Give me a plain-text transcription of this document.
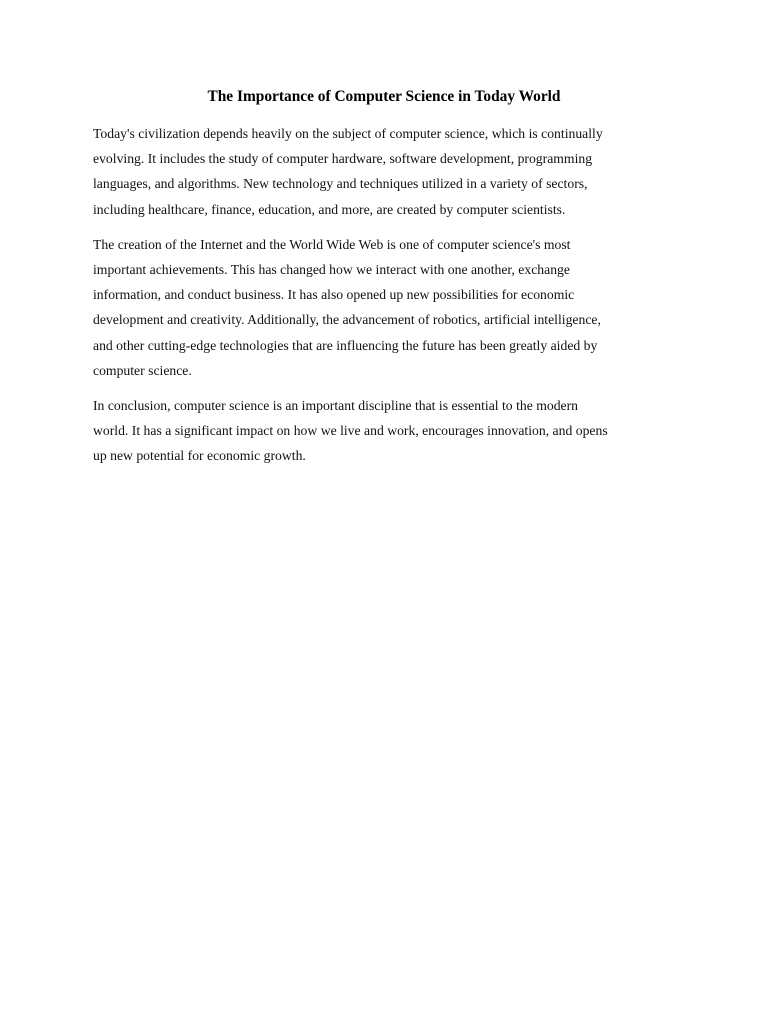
The Importance of Computer Science in Today World

Today's civilization depends heavily on the subject of computer science, which is continually
evolving. It includes the study of computer hardware, software development, programming
languages, and algorithms. New technology and techniques utilized in a variety of sectors,
including healthcare, finance, education, and more, are created by computer scientists.

The creation of the Internet and the World Wide Web is one of computer science's most
important achievements. This has changed how we interact with one another, exchange
information, and conduct business. It has also opened up new possibilities for economic
development and creativity. Additionally, the advancement of robotics, artificial intelligence,
and other cutting-edge technologies that are influencing the future has been greatly aided by
computer science.

In conclusion, computer science is an important discipline that is essential to the modern
world. It has a significant impact on how we live and work, encourages innovation, and opens
up new potential for economic growth.
